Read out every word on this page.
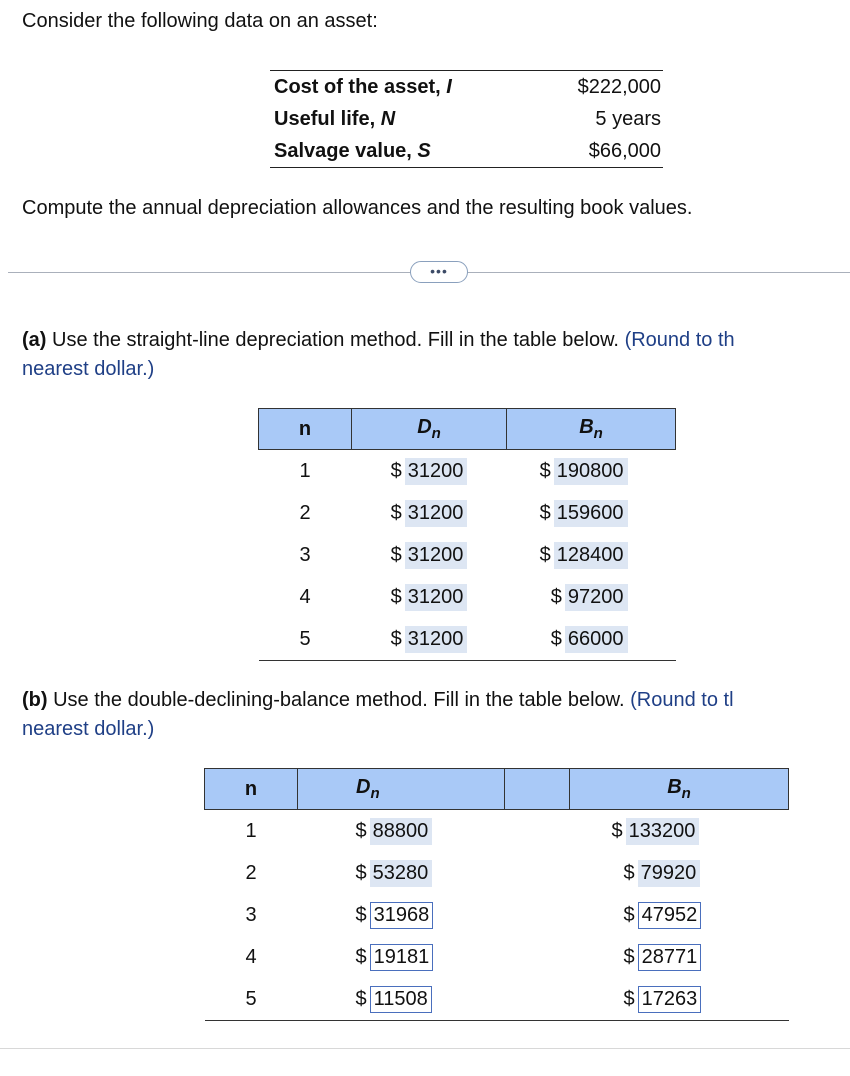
Consider the following data on an asset:
Cost of the asset, I	$222,000
Useful life, N	5 years
Salvage value, S	$66,000
Compute the annual depreciation allowances and the resulting book values.
•••
(a) Use the straight-line depreciation method. Fill in the table below. (Round to th
nearest dollar.)
n	$D_n$	$B_n$
1	$ 31200	$ 190800

2	$ 31200	$ 159600

3	$ 31200	$ 128400

4	$ 31200	$ 97200

5	$ 31200	$ 66000
(b) Use the double-declining-balance method. Fill in the table below. (Round to tl
nearest dollar.)
n	$D_n$		$B_n$
1	$ 88800		$ 133200

2	$ 53280		$ 79920

3	$ 31968		$ 47952

4	$ 19181		$ 28771

5	$ 11508		$ 17263
